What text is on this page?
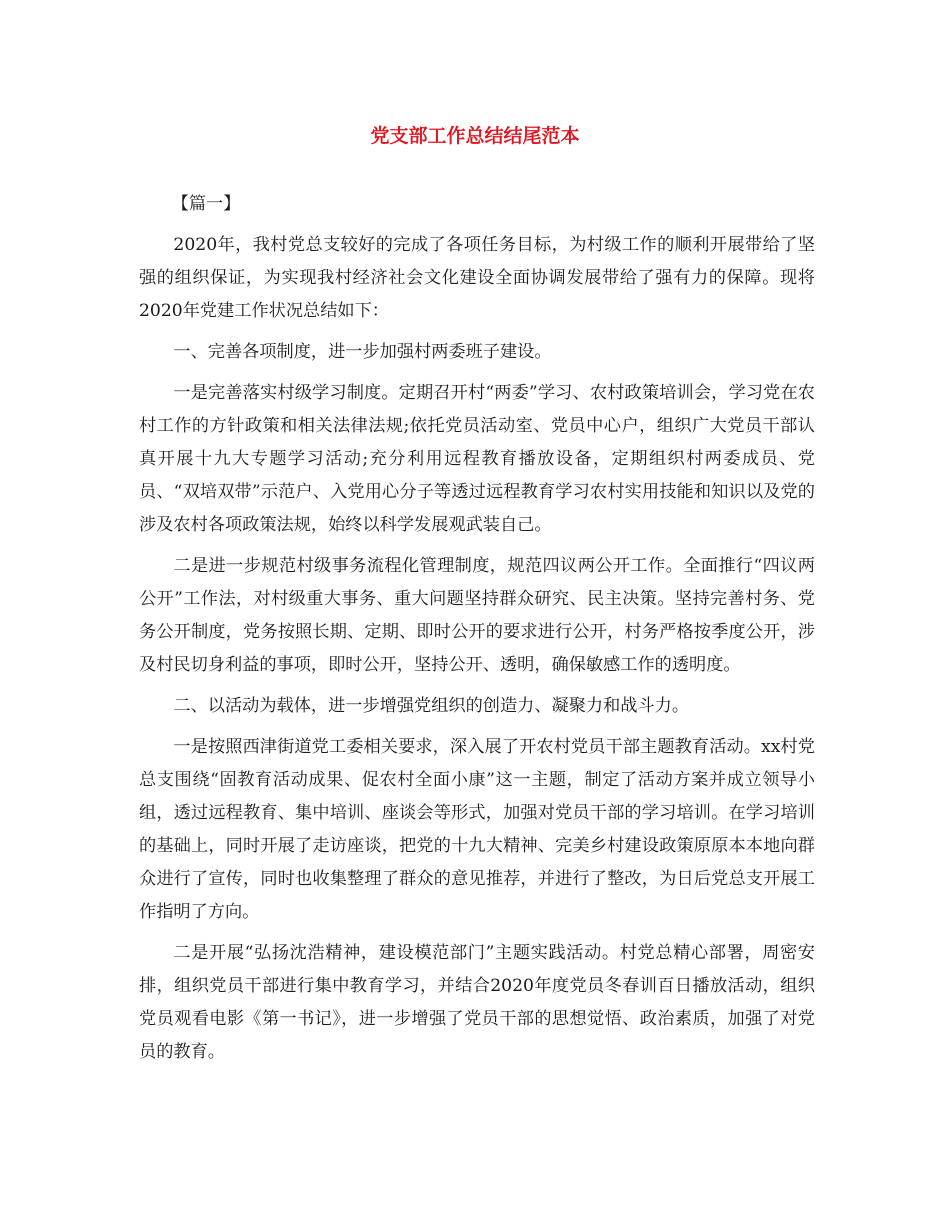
党支部工作总结结尾范本

【篇一】

2020年，我村党总支较好的完成了各项任务目标，为村级工作的顺利开展带给了坚强的组织保证，为实现我村经济社会文化建设全面协调发展带给了强有力的保障。现将2020年党建工作状况总结如下：

一、完善各项制度，进一步加强村两委班子建设。

一是完善落实村级学习制度。定期召开村“两委”学习、农村政策培训会，学习党在农村工作的方针政策和相关法律法规;依托党员活动室、党员中心户，组织广大党员干部认真开展十九大专题学习活动;充分利用远程教育播放设备，定期组织村两委成员、党员、“双培双带”示范户、入党用心分子等透过远程教育学习农村实用技能和知识以及党的涉及农村各项政策法规，始终以科学发展观武装自己。

二是进一步规范村级事务流程化管理制度，规范四议两公开工作。全面推行“四议两公开”工作法，对村级重大事务、重大问题坚持群众研究、民主决策。坚持完善村务、党务公开制度，党务按照长期、定期、即时公开的要求进行公开，村务严格按季度公开，涉及村民切身利益的事项，即时公开，坚持公开、透明，确保敏感工作的透明度。

二、以活动为载体，进一步增强党组织的创造力、凝聚力和战斗力。

一是按照西津街道党工委相关要求，深入展了开农村党员干部主题教育活动。xx村党总支围绕“固教育活动成果、促农村全面小康”这一主题，制定了活动方案并成立领导小组，透过远程教育、集中培训、座谈会等形式，加强对党员干部的学习培训。在学习培训的基础上，同时开展了走访座谈，把党的十九大精神、完美乡村建设政策原原本本地向群众进行了宣传，同时也收集整理了群众的意见推荐，并进行了整改，为日后党总支开展工作指明了方向。

二是开展“弘扬沈浩精神，建设模范部门”主题实践活动。村党总精心部署，周密安排，组织党员干部进行集中教育学习，并结合2020年度党员冬春训百日播放活动，组织党员观看电影《第一书记》，进一步增强了党员干部的思想觉悟、政治素质，加强了对党员的教育。
